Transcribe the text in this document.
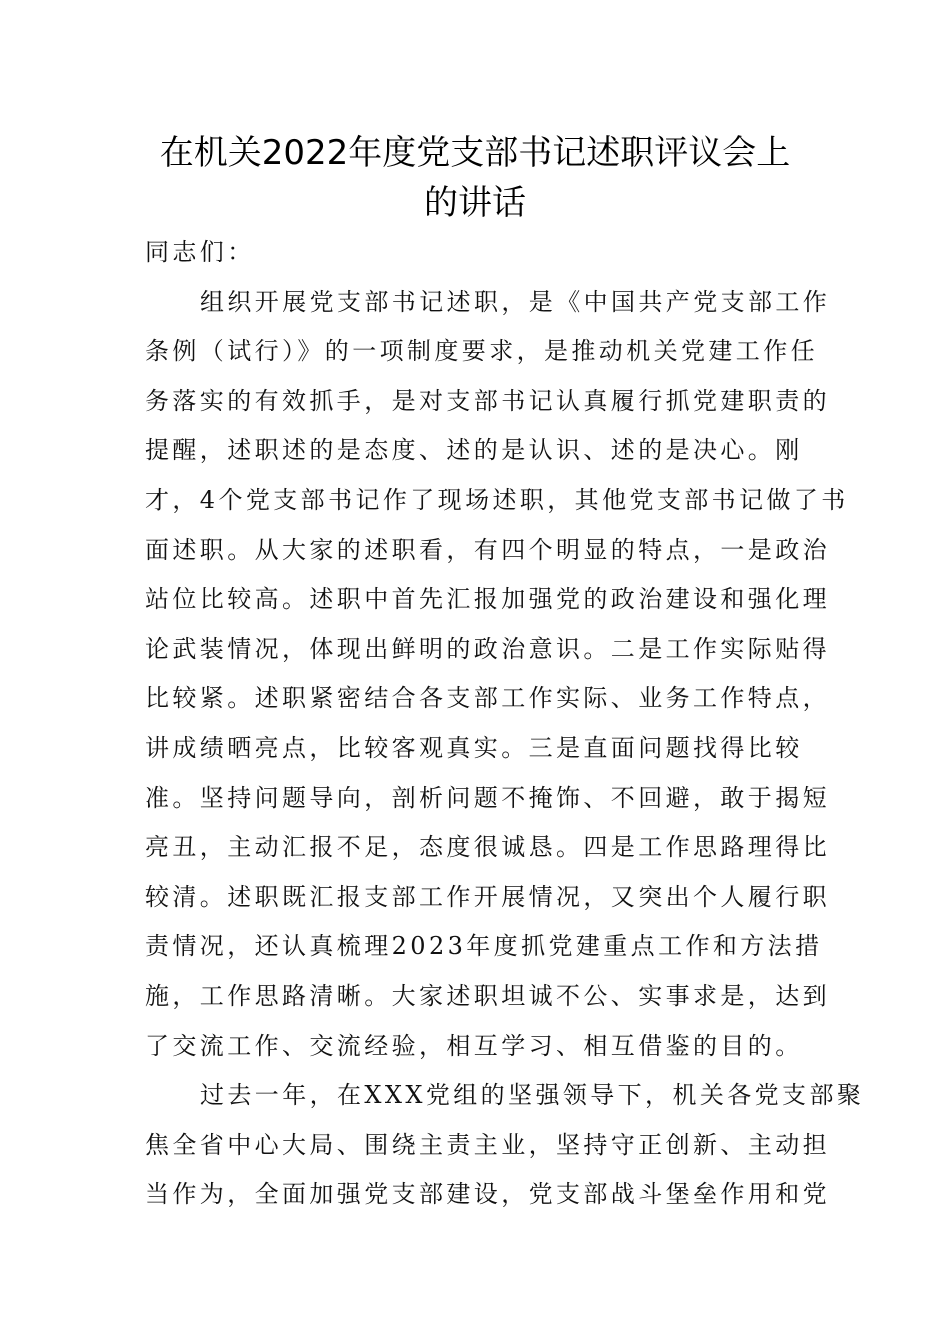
在机关2022年度党支部书记述职评议会上
的讲话
同志们：
组织开展党支部书记述职，是《中国共产党支部工作
条例（试行）》的一项制度要求，是推动机关党建工作任
务落实的有效抓手，是对支部书记认真履行抓党建职责的
提醒，述职述的是态度、述的是认识、述的是决心。刚
才，4个党支部书记作了现场述职，其他党支部书记做了书
面述职。从大家的述职看，有四个明显的特点，一是政治
站位比较高。述职中首先汇报加强党的政治建设和强化理
论武装情况，体现出鲜明的政治意识。二是工作实际贴得
比较紧。述职紧密结合各支部工作实际、业务工作特点，
讲成绩晒亮点，比较客观真实。三是直面问题找得比较
准。坚持问题导向，剖析问题不掩饰、不回避，敢于揭短
亮丑，主动汇报不足，态度很诚恳。四是工作思路理得比
较清。述职既汇报支部工作开展情况，又突出个人履行职
责情况，还认真梳理2023年度抓党建重点工作和方法措
施，工作思路清晰。大家述职坦诚不公、实事求是，达到
了交流工作、交流经验，相互学习、相互借鉴的目的。
过去一年，在XXX党组的坚强领导下，机关各党支部聚
焦全省中心大局、围绕主责主业，坚持守正创新、主动担
当作为，全面加强党支部建设，党支部战斗堡垒作用和党
